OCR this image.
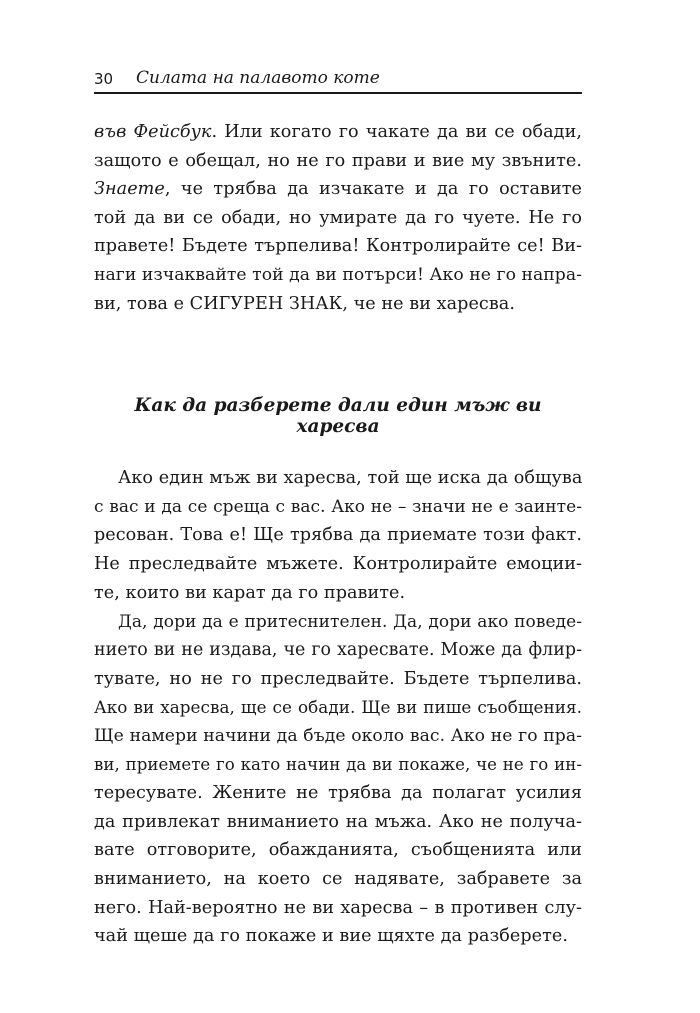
30 Силата на палавото коте
във Фейсбук. Или когато го чакате да ви се обади,
защото е обещал, но не го прави и вие му звъните.
Знаете, че трябва да изчакате и да го оставите
той да ви се обади, но умирате да го чуете. Не го
правете! Бъдете търпелива! Контролирайте се! Ви-
наги изчаквайте той да ви потърси! Ако не го напра-
ви, това е СИГУРЕН ЗНАК, че не ви харесва.
Как да разберете дали един мъж ви харесва
Ако един мъж ви харесва, той ще иска да общува
с вас и да се среща с вас. Ако не – значи не е заинте-
ресован. Това е! Ще трябва да приемате този факт.
Не преследвайте мъжете. Контролирайте емоции-
те, които ви карат да го правите.
Да, дори да е притеснителен. Да, дори ако поведе-
нието ви не издава, че го харесвате. Може да флир-
тувате, но не го преследвайте. Бъдете търпелива.
Ако ви харесва, ще се обади. Ще ви пише съобщения.
Ще намери начини да бъде около вас. Ако не го пра-
ви, приемете го като начин да ви покаже, че не го ин-
тересувате. Жените не трябва да полагат усилия
да привлекат вниманието на мъжа. Ако не получа-
вате отговорите, обажданията, съобщенията или
вниманието, на което се надявате, забравете за
него. Най-вероятно не ви харесва – в противен слу-
чай щеше да го покаже и вие щяхте да разберете.
